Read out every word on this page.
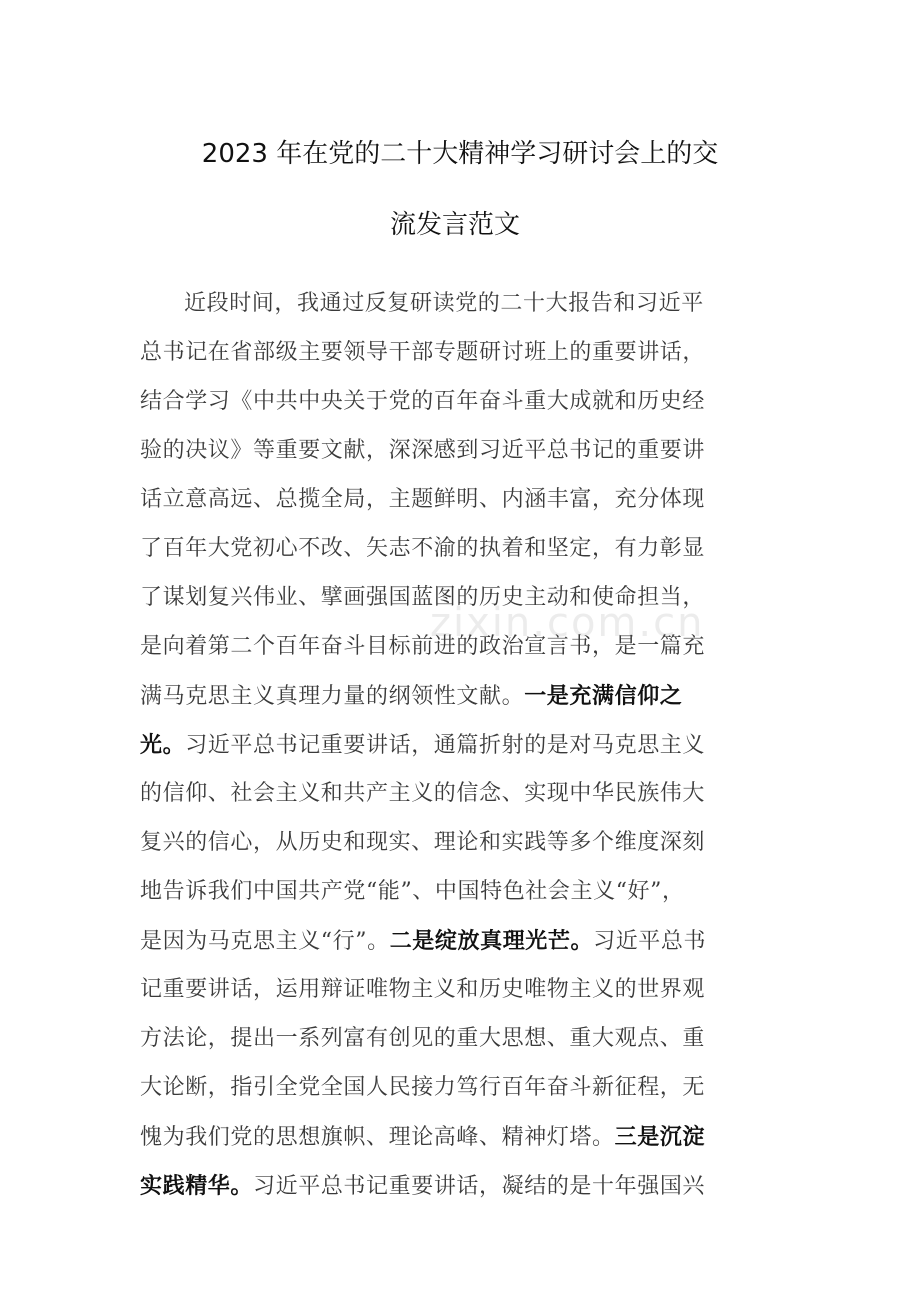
2023 年在党的二十大精神学习研讨会上的交
流发言范文
zixin.com.cn
近段时间，我通过反复研读党的二十大报告和习近平
总书记在省部级主要领导干部专题研讨班上的重要讲话，
结合学习《中共中央关于党的百年奋斗重大成就和历史经
验的决议》等重要文献，深深感到习近平总书记的重要讲
话立意高远、总揽全局，主题鲜明、内涵丰富，充分体现
了百年大党初心不改、矢志不渝的执着和坚定，有力彰显
了谋划复兴伟业、擘画强国蓝图的历史主动和使命担当，
是向着第二个百年奋斗目标前进的政治宣言书，是一篇充
满马克思主义真理力量的纲领性文献。一是充满信仰之
光。习近平总书记重要讲话，通篇折射的是对马克思主义
的信仰、社会主义和共产主义的信念、实现中华民族伟大
复兴的信心，从历史和现实、理论和实践等多个维度深刻
地告诉我们中国共产党“能”、中国特色社会主义“好”，
是因为马克思主义“行”。二是绽放真理光芒。习近平总书
记重要讲话，运用辩证唯物主义和历史唯物主义的世界观
方法论，提出一系列富有创见的重大思想、重大观点、重
大论断，指引全党全国人民接力笃行百年奋斗新征程，无
愧为我们党的思想旗帜、理论高峰、精神灯塔。三是沉淀
实践精华。习近平总书记重要讲话，凝结的是十年强国兴
